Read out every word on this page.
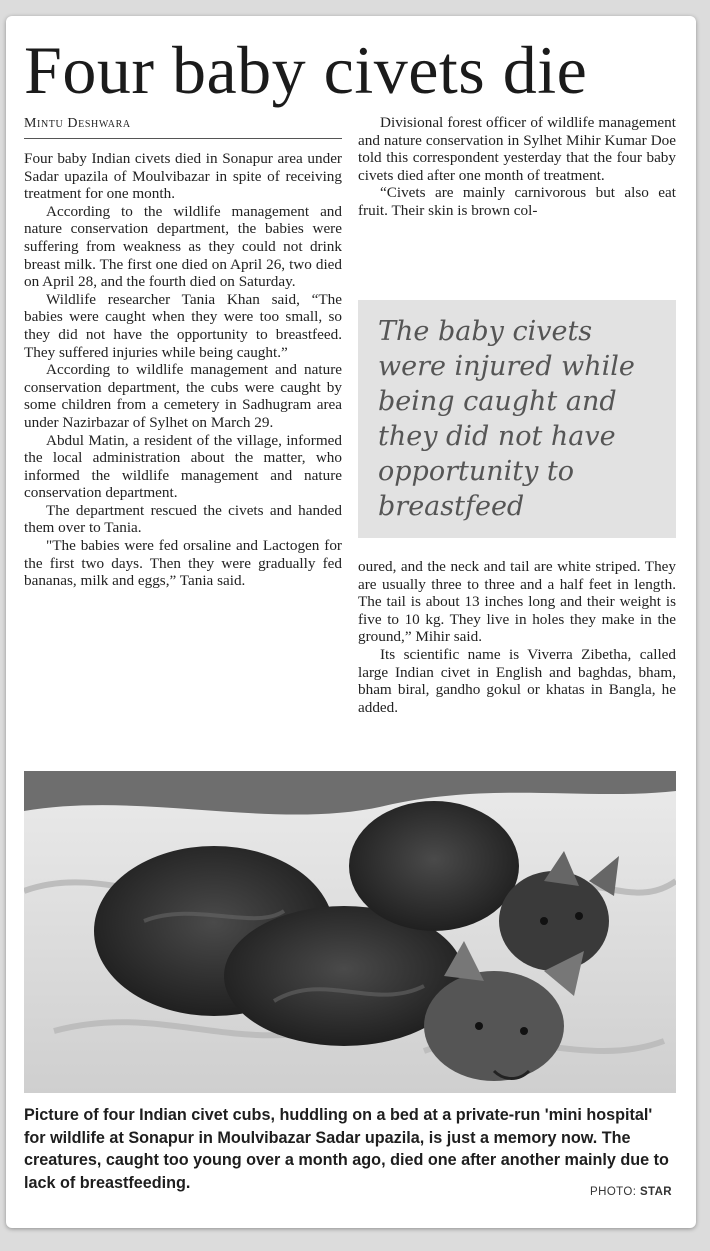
Four baby civets die
Mintu Deshwara

Four baby Indian civets died in Sonapur area under Sadar upazila of Moulvibazar in spite of receiving treatment for one month.

According to the wildlife management and nature conservation department, the babies were suffering from weakness as they could not drink breast milk. The first one died on April 26, two died on April 28, and the fourth died on Saturday.

Wildlife researcher Tania Khan said, “The babies were caught when they were too small, so they did not have the opportunity to breastfeed. They suffered injuries while being caught.”

According to wildlife management and nature conservation department, the cubs were caught by some children from a cemetery in Sadhugram area under Nazirbazar of Sylhet on March 29.

Abdul Matin, a resident of the village, informed the local administration about the matter, who informed the wildlife management and nature conservation department.

The department rescued the civets and handed them over to Tania.

"The babies were fed orsaline and Lactogen for the first two days. Then they were gradually fed bananas, milk and eggs,” Tania said.

Divisional forest officer of wildlife management and nature conservation in Sylhet Mihir Kumar Doe told this correspondent yesterday that the four baby civets died after one month of treatment.

“Civets are mainly carnivorous but also eat fruit. Their skin is brown col-

The baby civets were injured while being caught and they did not have opportunity to breastfeed

oured, and the neck and tail are white striped. They are usually three to three and a half feet in length. The tail is about 13 inches long and their weight is five to 10 kg. They live in holes they make in the ground,” Mihir said.

Its scientific name is Viverra Zibetha, called large Indian civet in English and baghdas, bham, bham biral, gandho gokul or khatas in Bangla, he added.

Picture of four Indian civet cubs, huddling on a bed at a private-run 'mini hospital' for wildlife at Sonapur in Moulvibazar Sadar upazila, is just a memory now. The creatures, caught too young over a month ago, died one after another mainly due to lack of breastfeeding.
PHOTO: STAR
